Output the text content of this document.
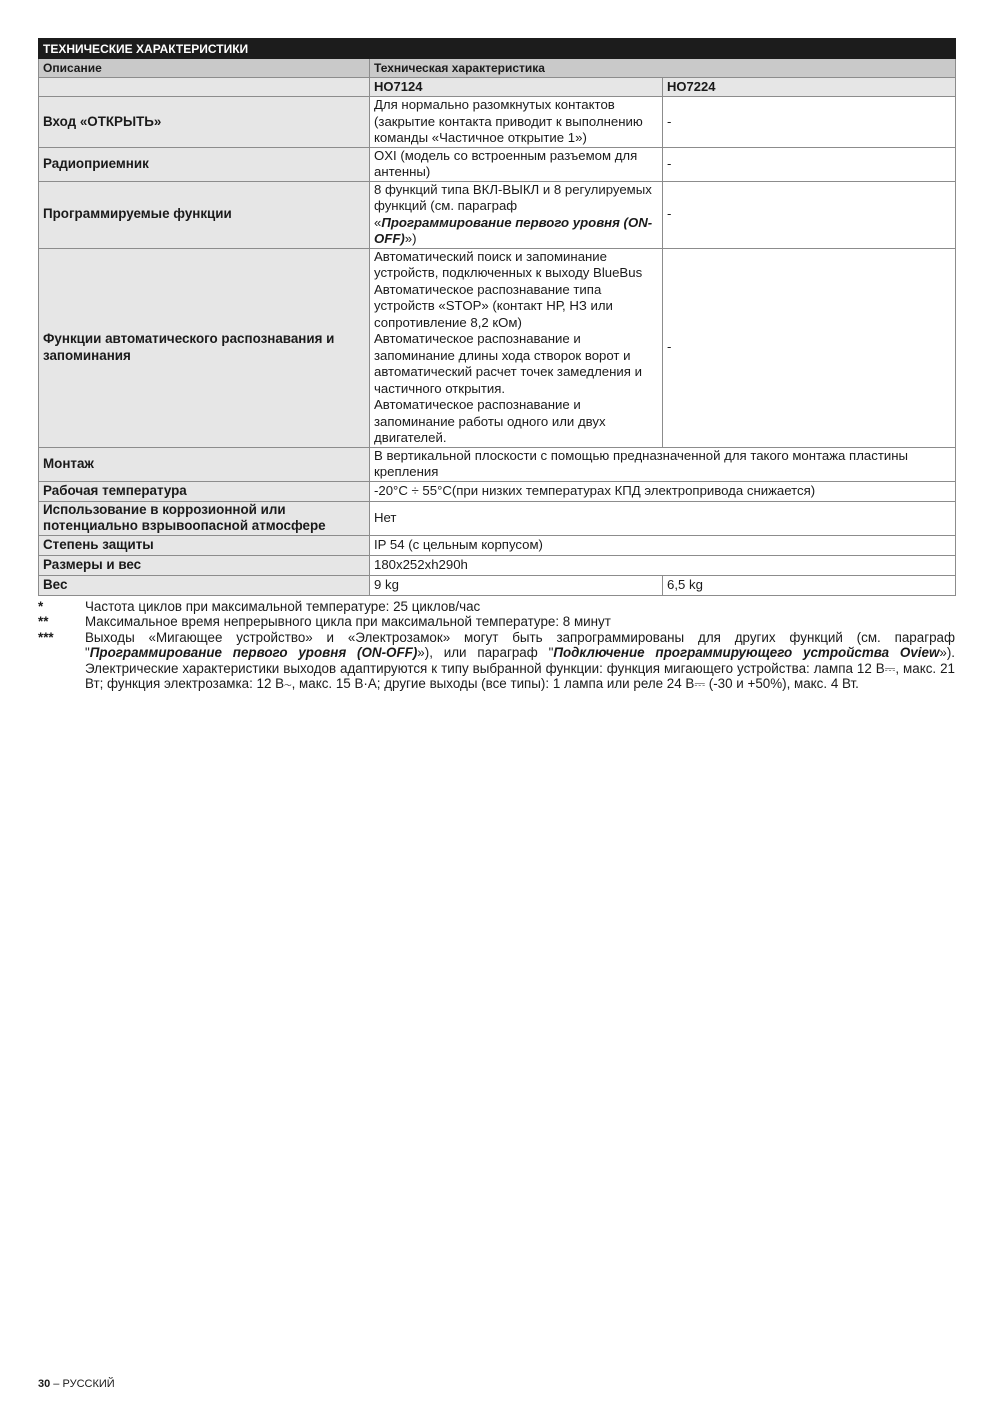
ТЕХНИЧЕСКИЕ ХАРАКТЕРИСТИКИ		
Описание	Техническая характеристика	
	HO7124	HO7224
Вход «ОТКРЫТЬ»	Для нормально разомкнутых контактов (закрытие контакта приводит к выполнению команды «Частичное открытие 1»)	-
Радиоприемник	OXI (модель со встроенным разъемом для антенны)	-
Программируемые функции	8 функций типа ВКЛ-ВЫКЛ и 8 регулируемых функций (см. параграф «Программирование первого уровня (ON-OFF)»)	-
Функции автоматического распознавания и запоминания	Автоматический поиск и запоминание устройств, подключенных к выходу BlueBus
Автоматическое распознавание типа устройств «STOP» (контакт НР, НЗ или сопротивление 8,2 кОм)
Автоматическое распознавание и запоминание длины хода створок ворот и автоматический расчет точек замедления и частичного открытия.
Автоматическое распознавание и запоминание работы одного или двух двигателей.	-
Монтаж	В вертикальной плоскости с помощью предназначенной для такого монтажа пластины крепления	
Рабочая температура	-20°C ÷ 55°C(при низких температурах КПД электропривода снижается)	
Использование в коррозионной или потенциально взрывоопасной атмосфере	Нет	
Степень защиты	IP 54 (с цельным корпусом)	
Размеры и вес	180x252xh290h	
Вес	9 kg	6,5 kg
*	Частота циклов при максимальной температуре: 25 циклов/час
**	Максимальное время непрерывного цикла при максимальной температуре: 8 минут
***	Выходы «Мигающее устройство» и «Электрозамок» могут быть запрограммированы для других функций (см. параграф "Программирование первого уровня (ON-OFF)»), или параграф "Подключение программирующего устройства Oview»). Электрические характеристики выходов адаптируются к типу выбранной функции: функция мигающего устройства: лампа 12 В⎓, макс. 21 Вт; функция электрозамка: 12 В∼, макс. 15 В·А; другие выходы (все типы): 1 лампа или реле 24 В⎓ (-30 и +50%), макс. 4 Вт.
30 – РУССКИЙ
